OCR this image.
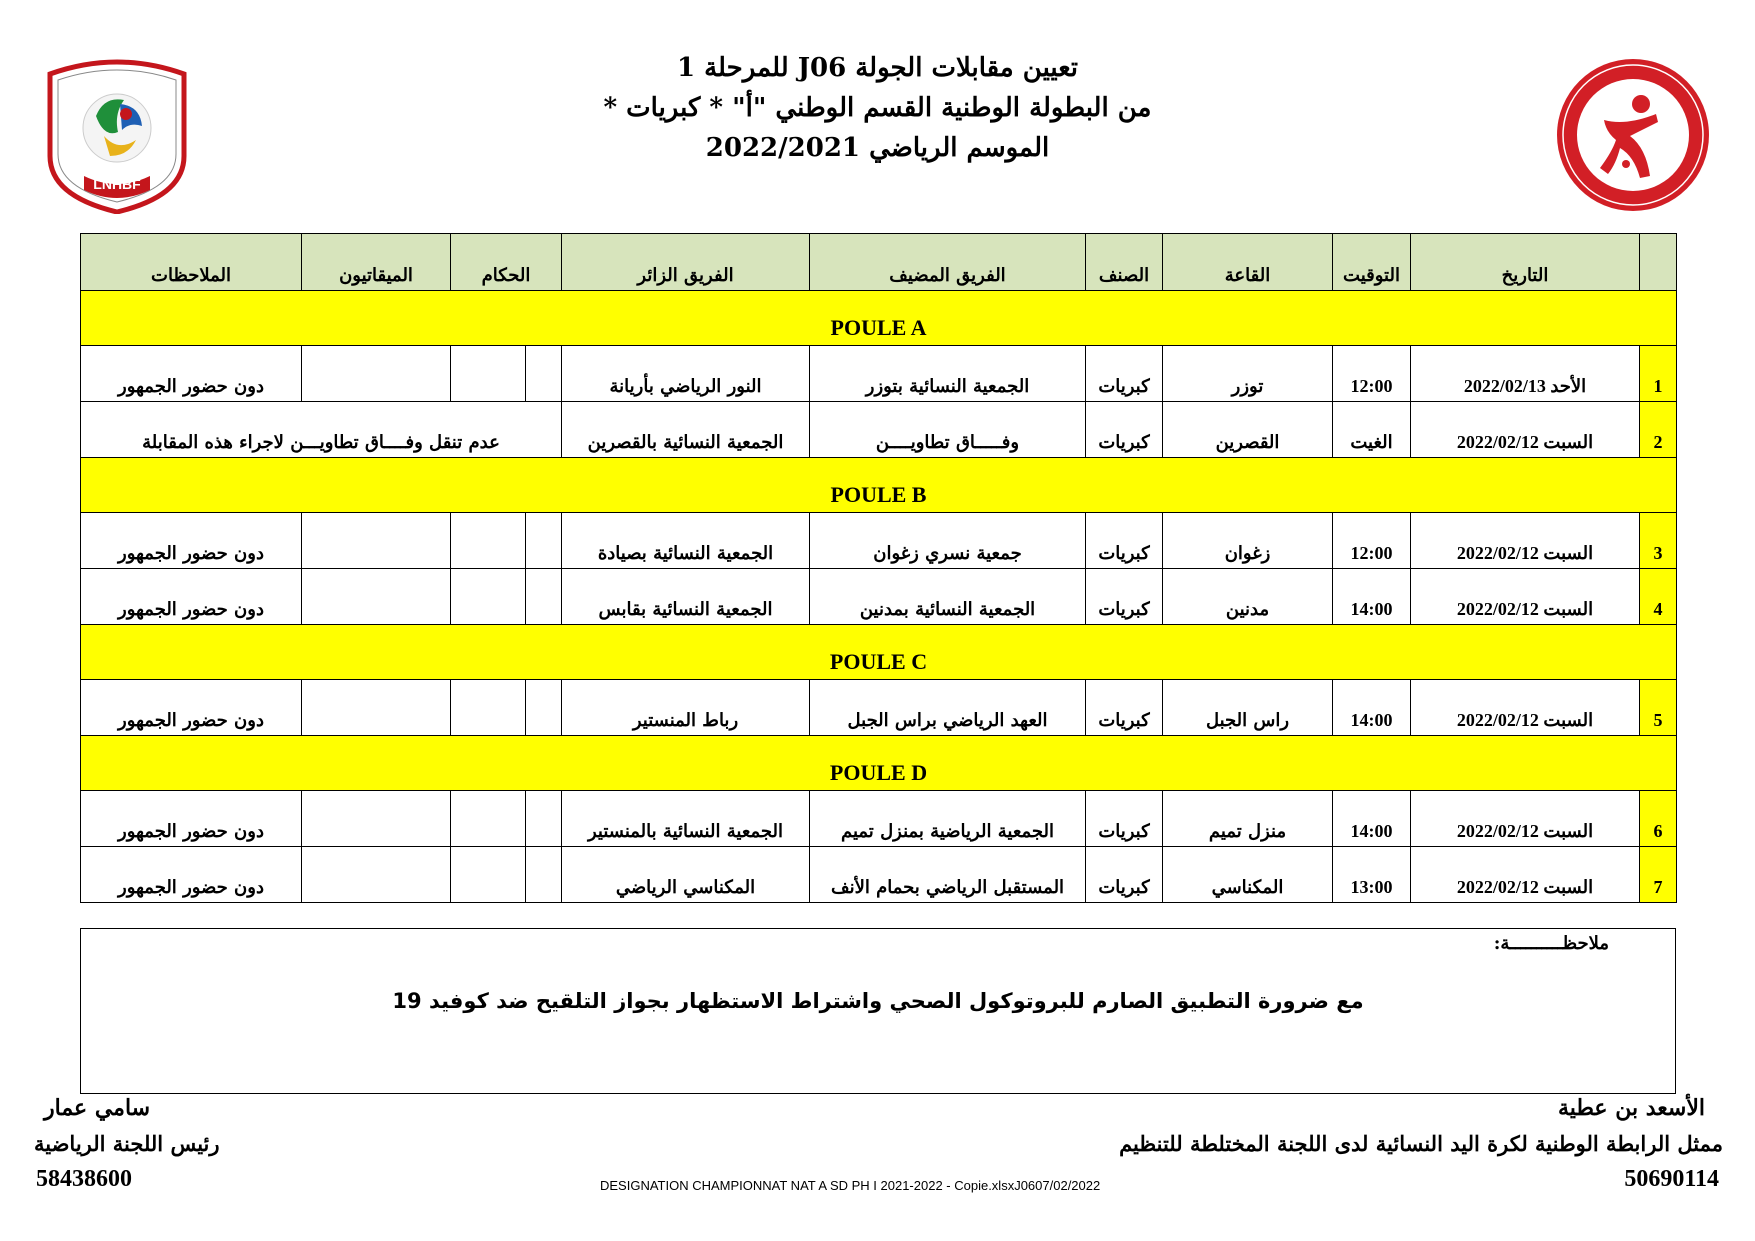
LNHBF
تعيين مقابلات الجولة J06 للمرحلة 1
من البطولة الوطنية القسم الوطني "أ" * كبريات *
الموسم الرياضي 2022/2021
	التاريخ	التوقيت	القاعة	الصنف	الفريق المضيف	الفريق الزائر	الحكام		الميقاتيون	الملاحظات
POULE A										
1	الأحد 2022/02/13	12:00	توزر	كبريات	الجمعية النسائية بتوزر	النور الرياضي بأريانة				دون حضور الجمهور
2	السبت 2022/02/12	الغيت	القصرين	كبريات	وفـــــاق تطاويــــن	الجمعية النسائية بالقصرين	عدم تنقل وفــــاق تطاويـــن لاجراء هذه المقابلة			
POULE B										
3	السبت 2022/02/12	12:00	زغوان	كبريات	جمعية نسري زغوان	الجمعية النسائية بصيادة				دون حضور الجمهور
4	السبت 2022/02/12	14:00	مدنين	كبريات	الجمعية النسائية بمدنين	الجمعية النسائية بقابس				دون حضور الجمهور
POULE C										
5	السبت 2022/02/12	14:00	راس الجبل	كبريات	العهد الرياضي براس الجبل	رباط المنستير				دون حضور الجمهور
POULE D										
6	السبت 2022/02/12	14:00	منزل تميم	كبريات	الجمعية الرياضية بمنزل تميم	الجمعية النسائية بالمنستير				دون حضور الجمهور
7	السبت 2022/02/12	13:00	المكناسي	كبريات	المستقبل الرياضي بحمام الأنف	المكناسي الرياضي				دون حضور الجمهور
ملاحظــــــــــة:
مع ضرورة التطبيق الصارم للبروتوكول الصحي واشتراط الاستظهار بجواز التلقيح ضد كوفيد 19
الأسعد بن عطية
ممثل الرابطة الوطنية لكرة اليد النسائية لدى اللجنة المختلطة للتنظيم
50690114
سامي عمار
رئيس اللجنة الرياضية
58438600	DESIGNATION CHAMPIONNAT NAT A SD PH I 2021-2022 - Copie.xlsxJ0607/02/2022
